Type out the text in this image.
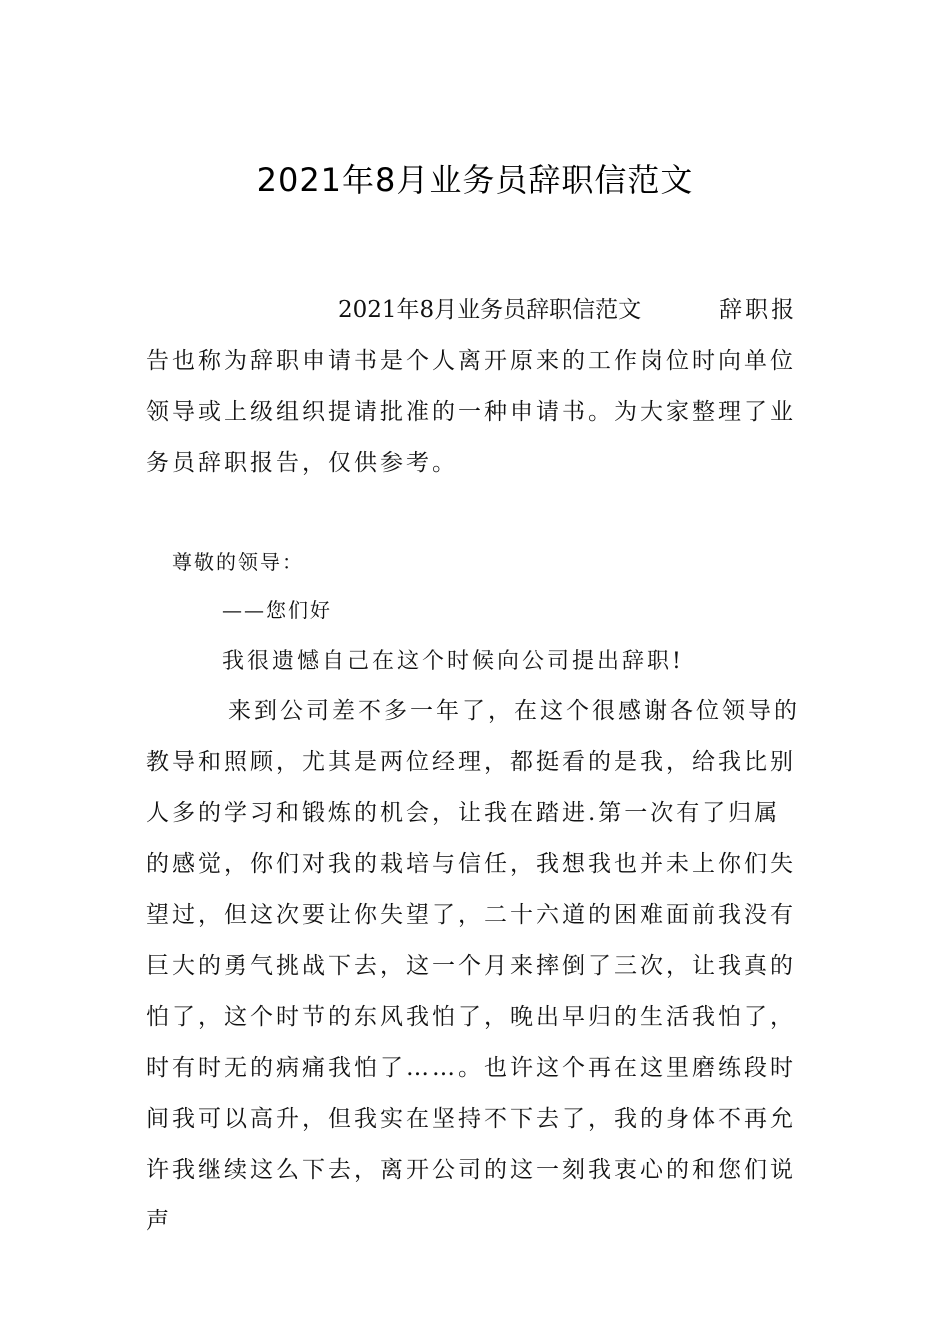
2021年8月业务员辞职信范文
2021年8月业务员辞职信范文	辞职报告也称为辞职申请书是个人离开原来的工作岗位时向单位领导或上级组织提请批准的一种申请书。为大家整理了业务员辞职报告，仅供参考。
尊敬的领导：
——您们好
我很遗憾自己在这个时候向公司提出辞职!
来到公司差不多一年了，在这个很感谢各位领导的教导和照顾，尤其是两位经理，都挺看的是我，给我比别人多的学习和锻炼的机会，让我在踏进.第一次有了归属的感觉，你们对我的栽培与信任，我想我也并未上你们失望过，但这次要让你失望了，二十六道的困难面前我没有巨大的勇气挑战下去，这一个月来摔倒了三次，让我真的怕了，这个时节的东风我怕了，晚出早归的生活我怕了，时有时无的病痛我怕了……。也许这个再在这里磨练段时间我可以高升，但我实在坚持不下去了，我的身体不再允许我继续这么下去，离开公司的这一刻我衷心的和您们说声
